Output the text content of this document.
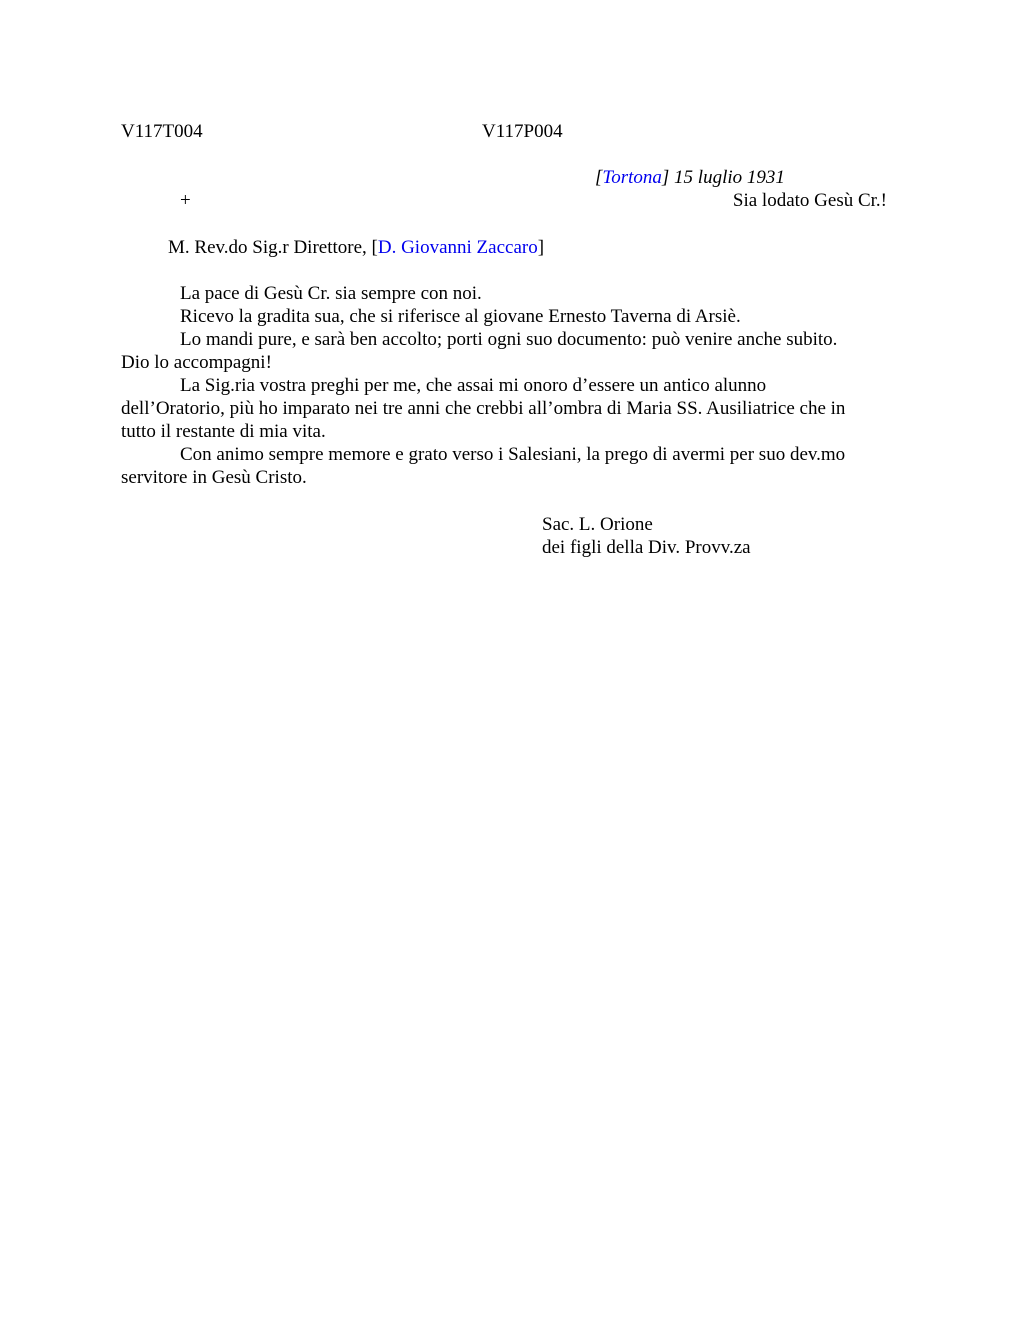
V117T004	V117P004
[Tortona] 15 luglio 1931
+	Sia lodato Gesù Cr.!
M. Rev.do Sig.r Direttore, [D. Giovanni Zaccaro]

La pace di Gesù Cr. sia sempre con noi.

Ricevo la gradita sua, che si riferisce al giovane Ernesto Taverna di Arsiè.

Lo mandi pure, e sarà ben accolto; porti ogni suo documento: può venire anche subito. Dio lo accompagni!

La Sig.ria vostra preghi per me, che assai mi onoro d’essere un antico alunno dell’Oratorio, più ho imparato nei tre anni che crebbi all’ombra di Maria SS. Ausiliatrice che in tutto il restante di mia vita.

Con animo sempre memore e grato verso i Salesiani, la prego di avermi per suo dev.mo servitore in Gesù Cristo.

Sac. L. Orione
dei figli della Div. Provv.za
